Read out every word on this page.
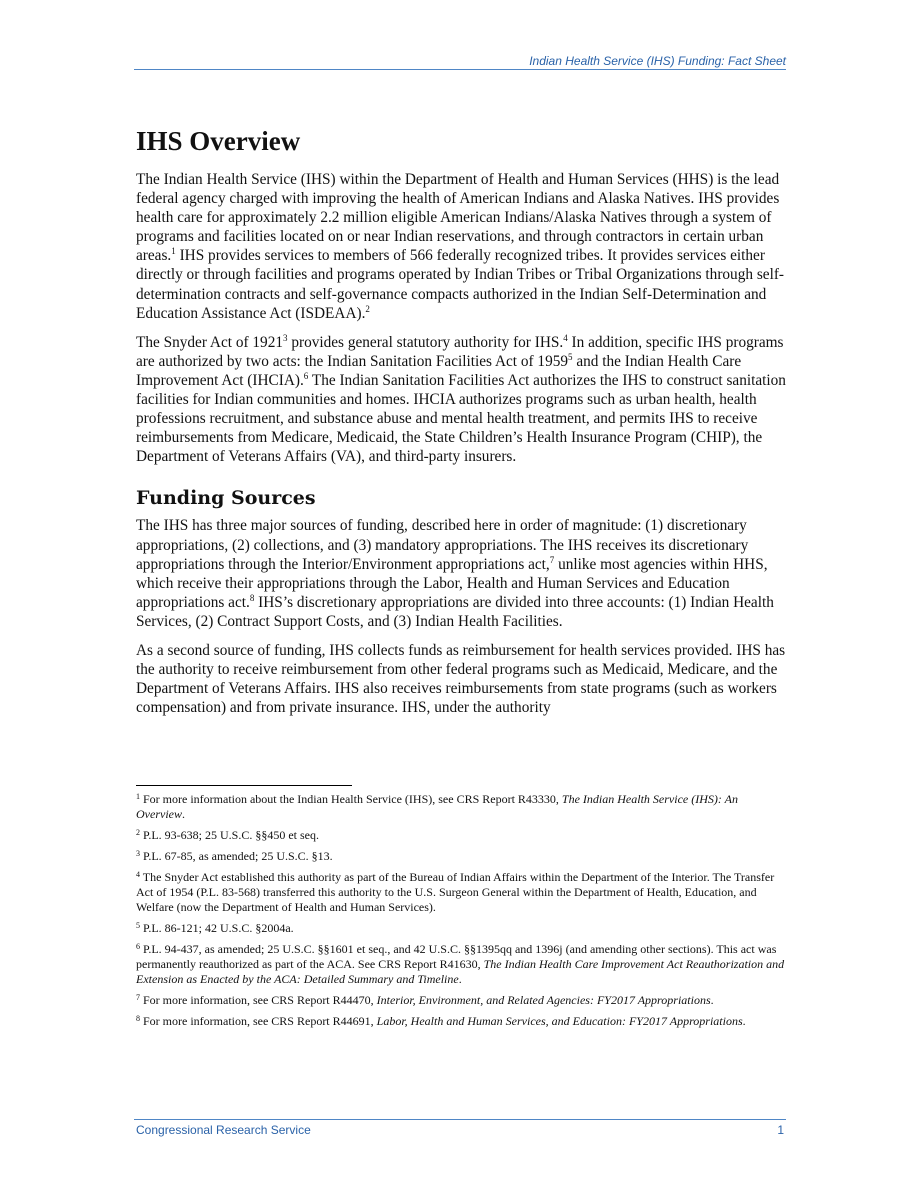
Indian Health Service (IHS) Funding: Fact Sheet
IHS Overview

The Indian Health Service (IHS) within the Department of Health and Human Services (HHS) is the lead federal agency charged with improving the health of American Indians and Alaska Natives. IHS provides health care for approximately 2.2 million eligible American Indians/Alaska Natives through a system of programs and facilities located on or near Indian reservations, and through contractors in certain urban areas.$^1$ IHS provides services to members of 566 federally recognized tribes. It provides services either directly or through facilities and programs operated by Indian Tribes or Tribal Organizations through self-determination contracts and self-governance compacts authorized in the Indian Self-Determination and Education Assistance Act (ISDEAA).$^2$

The Snyder Act of 1921$^3$ provides general statutory authority for IHS.$^4$ In addition, specific IHS programs are authorized by two acts: the Indian Sanitation Facilities Act of 1959$^5$ and the Indian Health Care Improvement Act (IHCIA).$^6$ The Indian Sanitation Facilities Act authorizes the IHS to construct sanitation facilities for Indian communities and homes. IHCIA authorizes programs such as urban health, health professions recruitment, and substance abuse and mental health treatment, and permits IHS to receive reimbursements from Medicare, Medicaid, the State Children’s Health Insurance Program (CHIP), the Department of Veterans Affairs (VA), and third-party insurers.

Funding Sources

The IHS has three major sources of funding, described here in order of magnitude: (1) discretionary appropriations, (2) collections, and (3) mandatory appropriations. The IHS receives its discretionary appropriations through the Interior/Environment appropriations act,$^7$ unlike most agencies within HHS, which receive their appropriations through the Labor, Health and Human Services and Education appropriations act.$^8$ IHS’s discretionary appropriations are divided into three accounts: (1) Indian Health Services, (2) Contract Support Costs, and (3) Indian Health Facilities.

As a second source of funding, IHS collects funds as reimbursement for health services provided. IHS has the authority to receive reimbursement from other federal programs such as Medicaid, Medicare, and the Department of Veterans Affairs. IHS also receives reimbursements from state programs (such as workers compensation) and from private insurance. IHS, under the authority

$^1$ For more information about the Indian Health Service (IHS), see CRS Report R43330, The Indian Health Service (IHS): An Overview.
$^2$ P.L. 93-638; 25 U.S.C. §§450 et seq.
$^3$ P.L. 67-85, as amended; 25 U.S.C. §13.
$^4$ The Snyder Act established this authority as part of the Bureau of Indian Affairs within the Department of the Interior. The Transfer Act of 1954 (P.L. 83-568) transferred this authority to the U.S. Surgeon General within the Department of Health, Education, and Welfare (now the Department of Health and Human Services).
$^5$ P.L. 86-121; 42 U.S.C. §2004a.
$^6$ P.L. 94-437, as amended; 25 U.S.C. §§1601 et seq., and 42 U.S.C. §§1395qq and 1396j (and amending other sections). This act was permanently reauthorized as part of the ACA. See CRS Report R41630, The Indian Health Care Improvement Act Reauthorization and Extension as Enacted by the ACA: Detailed Summary and Timeline.
$^7$ For more information, see CRS Report R44470, Interior, Environment, and Related Agencies: FY2017 Appropriations.
$^8$ For more information, see CRS Report R44691, Labor, Health and Human Services, and Education: FY2017 Appropriations.
Congressional Research Service	1
